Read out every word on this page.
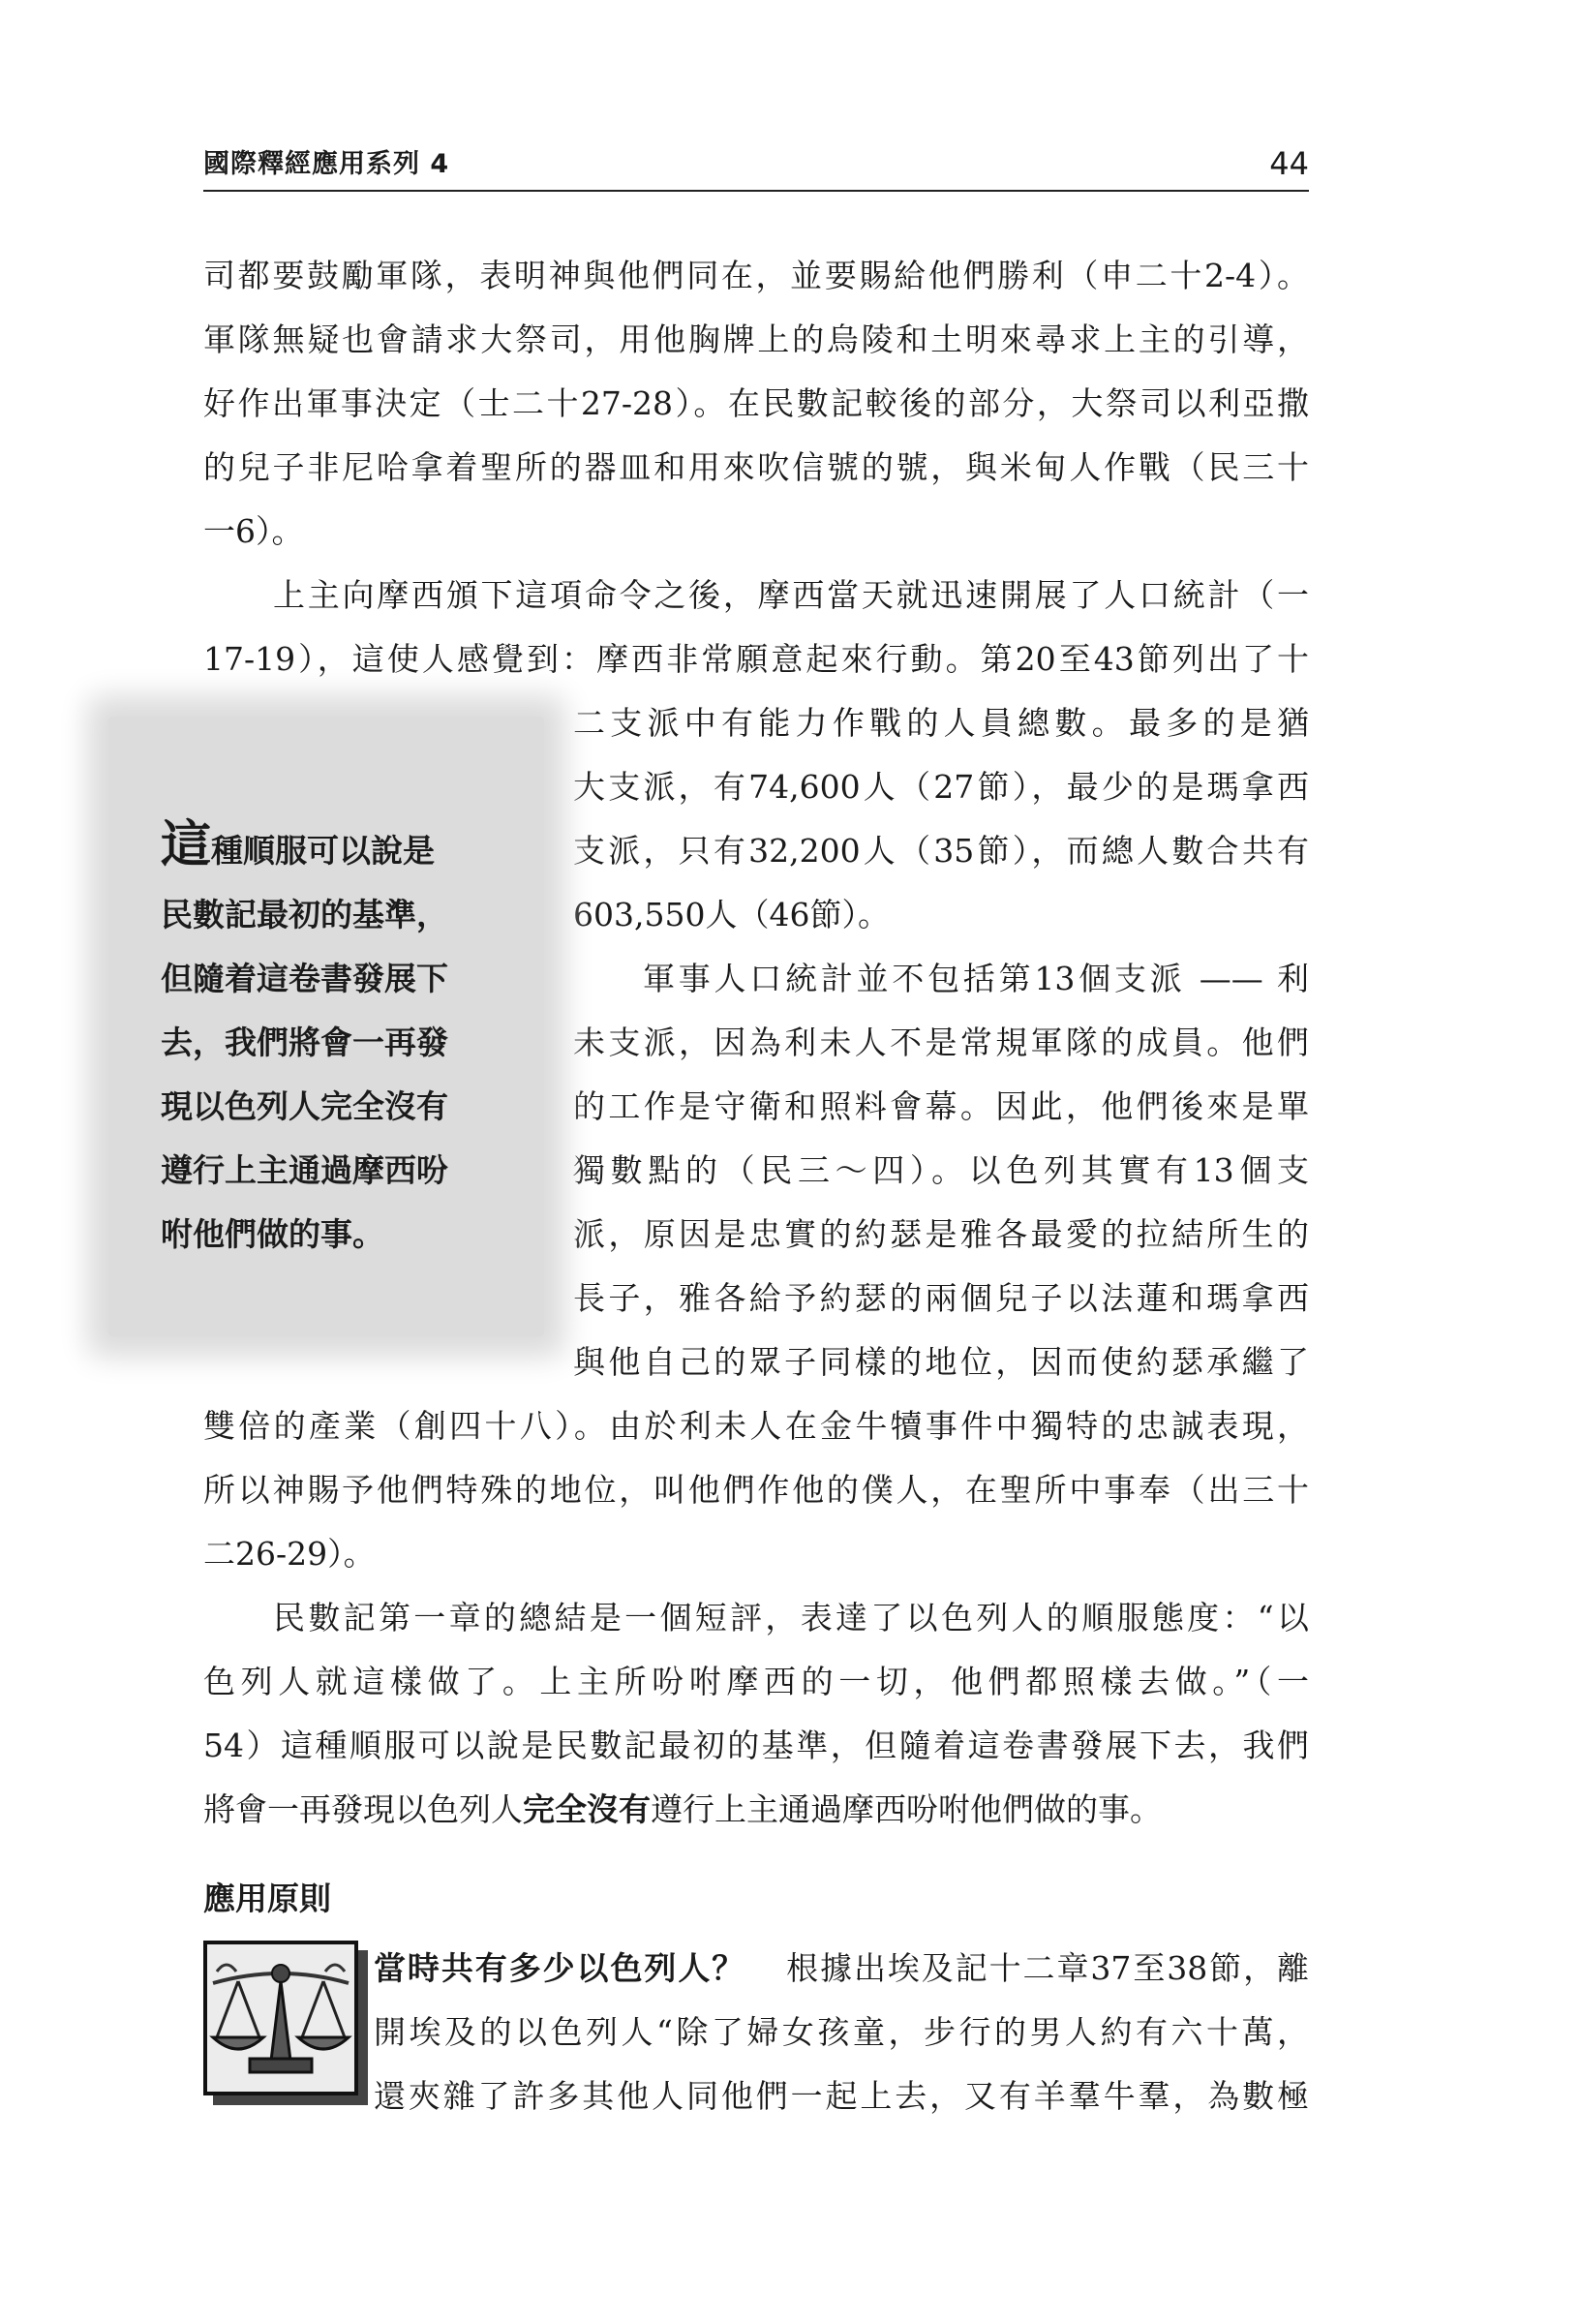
國際釋經應用系列 4	44
司都要鼓勵軍隊，表明神與他們同在，並要賜給他們勝利（申二十2-4）。
軍隊無疑也會請求大祭司，用他胸牌上的烏陵和土明來尋求上主的引導，
好作出軍事決定（士二十27-28）。在民數記較後的部分，大祭司以利亞撒
的兒子非尼哈拿着聖所的器皿和用來吹信號的號，與米甸人作戰（民三十
一6）。
上主向摩西頒下這項命令之後，摩西當天就迅速開展了人口統計（一
17-19），這使人感覺到：摩西非常願意起來行動。第20至43節列出了十
二支派中有能力作戰的人員總數。最多的是猶
大支派，有74,600人（27節），最少的是瑪拿西
支派，只有32,200人（35節），而總人數合共有
603,550人（46節）。
軍事人口統計並不包括第13個支派 —— 利
未支派，因為利未人不是常規軍隊的成員。他們
的工作是守衛和照料會幕。因此，他們後來是單
獨數點的（民三～四）。以色列其實有13個支
派，原因是忠實的約瑟是雅各最愛的拉結所生的
長子，雅各給予約瑟的兩個兒子以法蓮和瑪拿西
與他自己的眾子同樣的地位，因而使約瑟承繼了
雙倍的產業（創四十八）。由於利未人在金牛犢事件中獨特的忠誠表現，
所以神賜予他們特殊的地位，叫他們作他的僕人，在聖所中事奉（出三十
二26-29）。
民數記第一章的總結是一個短評，表達了以色列人的順服態度：“以
色列人就這樣做了。上主所吩咐摩西的一切，他們都照樣去做。”（一
54）這種順服可以說是民數記最初的基準，但隨着這卷書發展下去，我們
將會一再發現以色列人完全沒有遵行上主通過摩西吩咐他們做的事。
這種順服可以說是
民數記最初的基準，
但隨着這卷書發展下
去，我們將會一再發
現以色列人完全沒有
遵行上主通過摩西吩
咐他們做的事。
應用原則
當時共有多少以色列人？ 根據出埃及記十二章37至38節，離
開埃及的以色列人“除了婦女孩童，步行的男人約有六十萬，
還夾雜了許多其他人同他們一起上去，又有羊羣牛羣，為數極
